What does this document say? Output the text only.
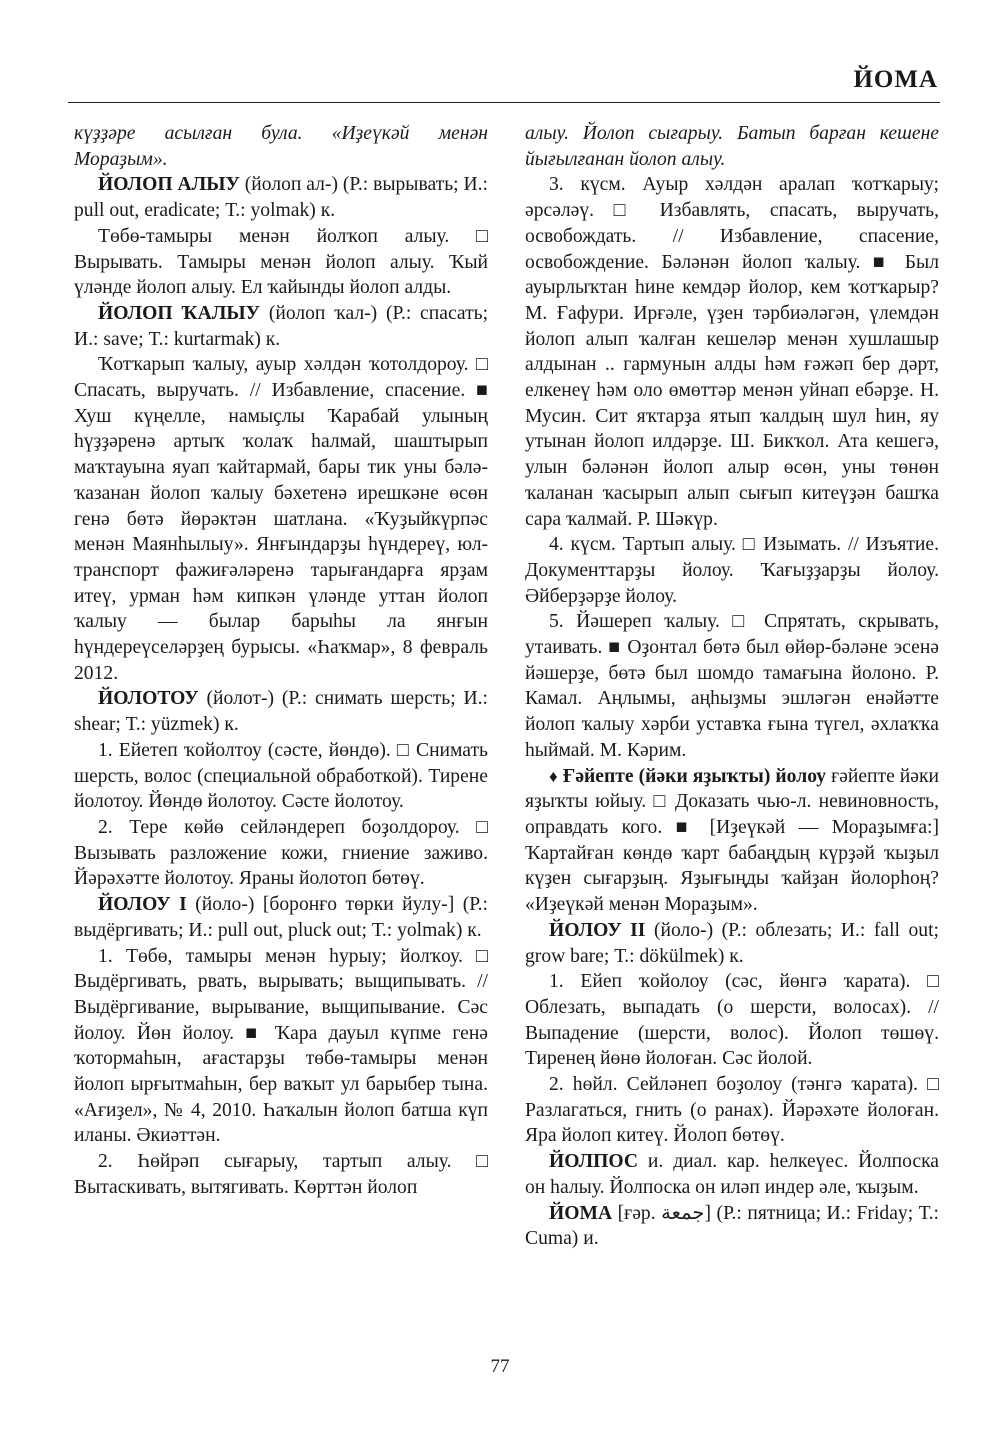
ЙОМА

күҙҙәре асылған була. «Иҙеүкәй менән Мораҙым».

ЙОЛОП АЛЫУ (йолоп ал-) (Р.: вырывать; И.: pull out, eradicate; Т.: yolmak) к.

Төбө-тамыры менән йолҡоп алыу. □ Вырывать. Тамыры менән йолоп алыу. Ҡый үләнде йолоп алыу. Ел ҡайынды йолоп алды.

ЙОЛОП ҠАЛЫУ (йолоп ҡал-) (Р.: спасать; И.: save; Т.: kurtarmak) к.

Ҡотҡарып ҡалыу, ауыр хәлдән ҡотолдороу. □ Спасать, выручать. // Избавление, спасение. ■ Хуш күңелле, намыҫлы Ҡарабай улының һүҙҙәренә артыҡ ҡолаҡ һалмай, шаштырып маҡтауына яуап ҡайтармай, бары тик уны бәлә-ҡазанан йолоп ҡалыу бәхетенә ирешкәне өсөн генә бөтә йөрәктән шатлана. «Ҡуҙыйкүрпәс менән Маянһылыу». Янғындарҙы һүндереү, юл-транспорт фажиғәләренә тарығандарға ярҙам итеү, урман һәм кипкән үләнде уттан йолоп ҡалыу — былар барыһы ла янғын һүндереүселәрҙең бурысы. «Һаҡмар», 8 февраль 2012.

ЙОЛОТОУ (йолот-) (Р.: снимать шерсть; И.: shear; Т.: yüzmek) к.

1. Ейетеп ҡойолтоу (сәсте, йөндө). □ Снимать шерсть, волос (специальной обработкой). Тирене йолотоу. Йөндө йолотоу. Сәсте йолотоу.

2. Тере көйө сейләндереп боҙолдороу. □ Вызывать разложение кожи, гниение заживо. Йәрәхәтте йолотоу. Яраны йолотоп бөтөү.

ЙОЛОУ I (йоло-) [боронғо төрки йулу-] (Р.: выдёргивать; И.: pull out, pluck out; Т.: yolmak) к.

1. Төбө, тамыры менән һурыу; йолҡоу. □ Выдёргивать, рвать, вырывать; выщипывать. // Выдёргивание, вырывание, выщипывание. Сәс йолоу. Йөн йолоу. ■ Ҡара дауыл күпме генә ҡотормаһын, ағастарҙы төбө-тамыры менән йолоп ырғытмаһын, бер ваҡыт ул барыбер тына. «Ағиҙел», № 4, 2010. Һаҡалын йолоп батша күп иланы. Әкиәттән.

2. Һөйрәп сығарыу, тартып алыу. □ Вытаскивать, вытягивать. Көрттән йолоп

алыу. Йолоп сығарыу. Батып барған кешене йығылғанан йолоп алыу.

3. күсм. Ауыр хәлдән аралап ҡотҡарыу; әрсәләү. □ Избавлять, спасать, выручать, освобождать. // Избавление, спасение, освобождение. Бәләнән йолоп ҡалыу. ■ Был ауырлыҡтан һине кемдәр йолор, кем ҡотҡарыр? М. Ғафури. Ирғәле, үҙен тәрбиәләгән, үлемдән йолоп алып ҡалған кешеләр менән хушлашыр алдынан .. гармунын алды һәм ғәжәп бер дәрт, елкенеү һәм оло өмөттәр менән уйнап ебәрҙе. Н. Мусин. Сит яҡтарҙа ятып ҡалдың шул һин, яу утынан йолоп илдәрҙе. Ш. Бикҡол. Ата кешегә, улын бәләнән йолоп алыр өсөн, уны төнөн ҡаланан ҡасырып алып сығып китеүҙән башҡа сара ҡалмай. Р. Шәкүр.

4. күсм. Тартып алыу. □ Изымать. // Изъятие. Документтарҙы йолоу. Ҡағыҙҙарҙы йолоу. Әйберҙәрҙе йолоу.

5. Йәшереп ҡалыу. □ Спрятать, скрывать, утаивать. ■ Оҙонтал бөтә был өйөр-бәләне эсенә йәшерҙе, бөтә был шомдо тамағына йолоно. Р. Камал. Аңлымы, аңһыҙмы эшләгән енәйәтте йолоп ҡалыу хәрби уставҡа ғына түгел, әхлаҡҡа һыймай. М. Кәрим.

♦ Ғәйепте (йәки яҙыҡты) йолоу ғәйепте йәки яҙыҡты юйыу. □ Доказать чью-л. невиновность, оправдать кого. ■ [Иҙеүкәй — Мораҙымға:] Ҡартайған көндө ҡарт бабаңдың күрҙәй ҡыҙыл күҙен сығарҙың. Яҙығыңды ҡайҙан йолорһоң? «Иҙеүкәй менән Мораҙым».

ЙОЛОУ II (йоло-) (Р.: облезать; И.: fall out; grow bare; Т.: dökülmek) к.

1. Ейеп ҡойолоу (сәс, йөнгә ҡарата). □ Облезать, выпадать (о шерсти, волосах). // Выпадение (шерсти, волос). Йолоп төшөү. Тиренең йөнө йолоған. Сәс йолой.

2. һөйл. Сейләнеп боҙолоу (тәнгә ҡарата). □ Разлагаться, гнить (о ранах). Йәрәхәте йолоған. Яра йолоп китеү. Йолоп бөтөү.

ЙОЛПОС и. диал. кар. һелкеүес. Йолпоска он һалыу. Йолпоска он иләп индер әле, ҡыҙым.

ЙОМА [ғәр. جمعة] (Р.: пятница; И.: Friday; Т.: Cuma) и.

77
